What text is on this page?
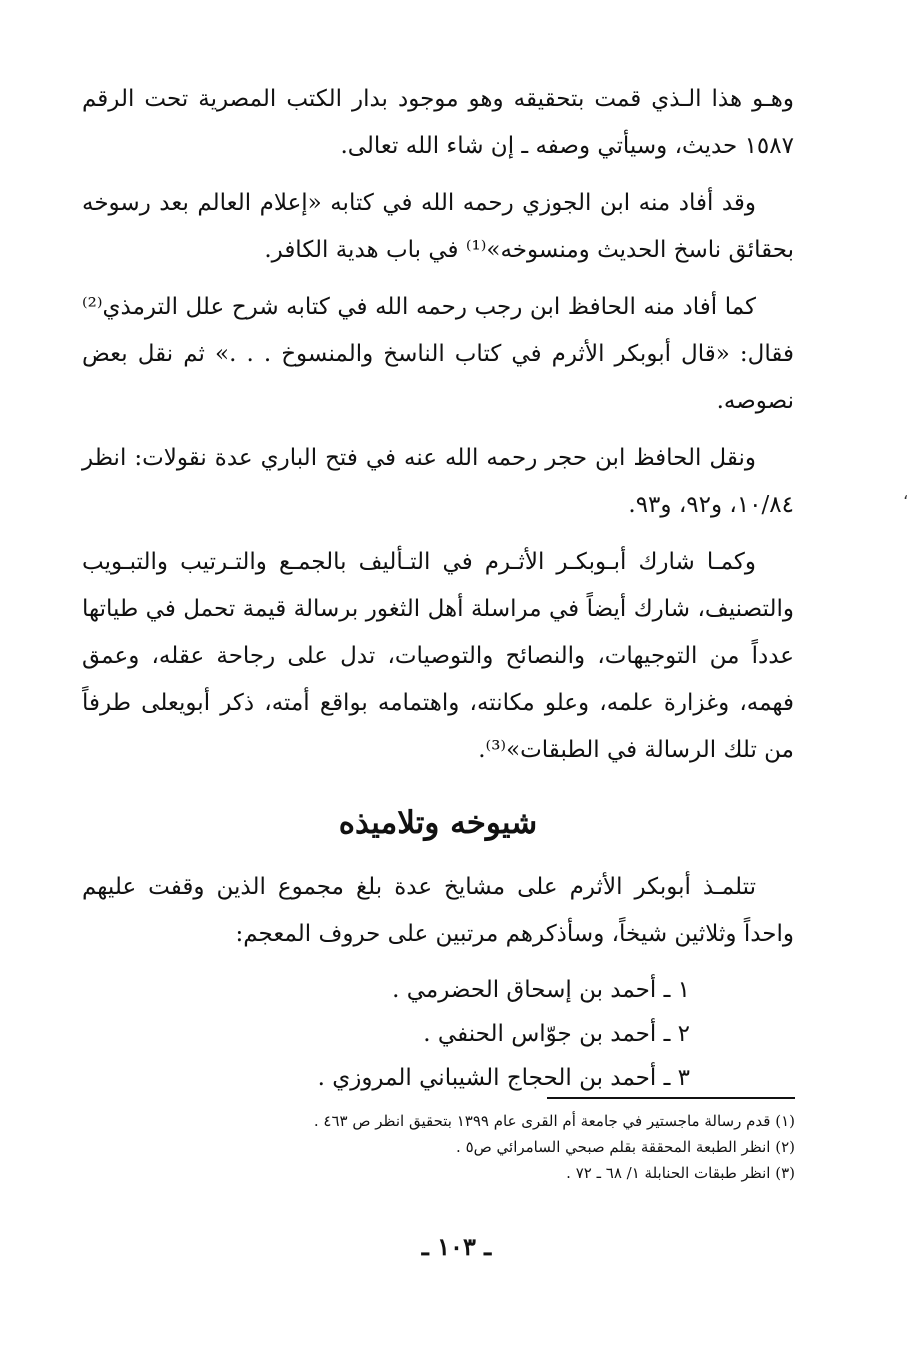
وهـو هذا الـذي قمت بتحقيقه وهو موجود بدار الكتب المصرية تحت الرقم ١٥٨٧ حديث، وسيأتي وصفه ـ إن شاء الله تعالى.

وقد أفاد منه ابن الجوزي رحمه الله في كتابه «إعلام العالم بعد رسوخه بحقائق ناسخ الحديث ومنسوخه»⁽¹⁾ في باب هدية الكافر.

كما أفاد منه الحافظ ابن رجب رحمه الله في كتابه شرح علل الترمذي⁽²⁾ فقال: «قال أبوبكر الأثرم في كتاب الناسخ والمنسوخ . . .» ثم نقل بعض نصوصه.

ونقل الحافظ ابن حجر رحمه الله عنه في فتح الباري عدة نقولات: انظر ١٠/٨٤، و٩٢، و٩٣.

وكمـا شارك أبـوبكـر الأثـرم في التـأليف بالجمـع والتـرتيب والتبـويب والتصنيف، شارك أيضاً في مراسلة أهل الثغور برسالة قيمة تحمل في طياتها عدداً من التوجيهات، والنصائح والتوصيات، تدل على رجاحة عقله، وعمق فهمه، وغزارة علمه، وعلو مكانته، واهتمامه بواقع أمته، ذكر أبويعلى طرفاً من تلك الرسالة في الطبقات»⁽³⁾.

شيوخه وتلاميذه

تتلمـذ أبوبكر الأثرم على مشايخ عدة بلغ مجموع الذين وقفت عليهم واحداً وثلاثين شيخاً، وسأذكرهم مرتبين على حروف المعجم:

١ ـ أحمد بن إسحاق الحضرمي .
٢ ـ أحمد بن جوّاس الحنفي .
٣ ـ أحمد بن الحجاج الشيباني المروزي .
،
(١) قدم رسالة ماجستير في جامعة أم القرى عام ١٣٩٩ بتحقيق انظر ص ٤٦٣ .
(٢) انظر الطبعة المحققة بقلم صبحي السامرائي ص٥ .
(٣) انظر طبقات الحنابلة ١/ ٦٨ ـ ٧٢ .
ـ ١٠٣ ـ
